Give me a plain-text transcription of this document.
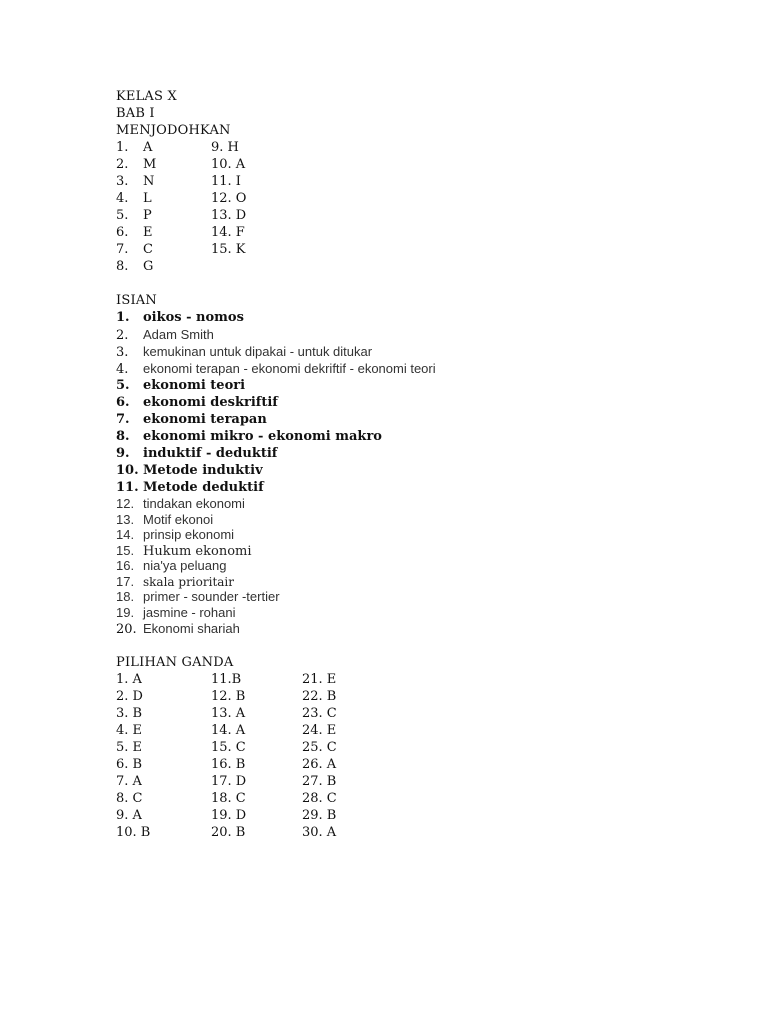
KELAS X
BAB I
MENJODOHKAN
1. A	9. H
2. M	10. A
3. N	11. I
4. L	12. O
5. P	13. D
6. E	14. F
7. C	15. K
8. G
ISIAN
1. oikos - nomos
2. Adam Smith
3. kemukinan untuk dipakai - untuk ditukar
4. ekonomi terapan - ekonomi dekriftif - ekonomi teori
5. ekonomi teori
6. ekonomi deskriftif
7. ekonomi terapan
8. ekonomi mikro - ekonomi makro
9. induktif - deduktif
10. Metode induktiv
11. Metode deduktif
12. tindakan ekonomi
13. Motif ekonoi
14. prinsip ekonomi
15. Hukum ekonomi
16. nia'ya peluang
17. skala prioritair
18. primer - sounder -tertier
19. jasmine - rohani
20. Ekonomi shariah
PILIHAN GANDA
1. A	11.B	21. E
2. D	12. B	22. B
3. B	13. A	23. C
4. E	14. A	24. E
5. E	15. C	25. C
6. B	16. B	26. A
7. A	17. D	27. B
8. C	18. C	28. C
9. A	19. D	29. B
10. B	20. B	30. A
